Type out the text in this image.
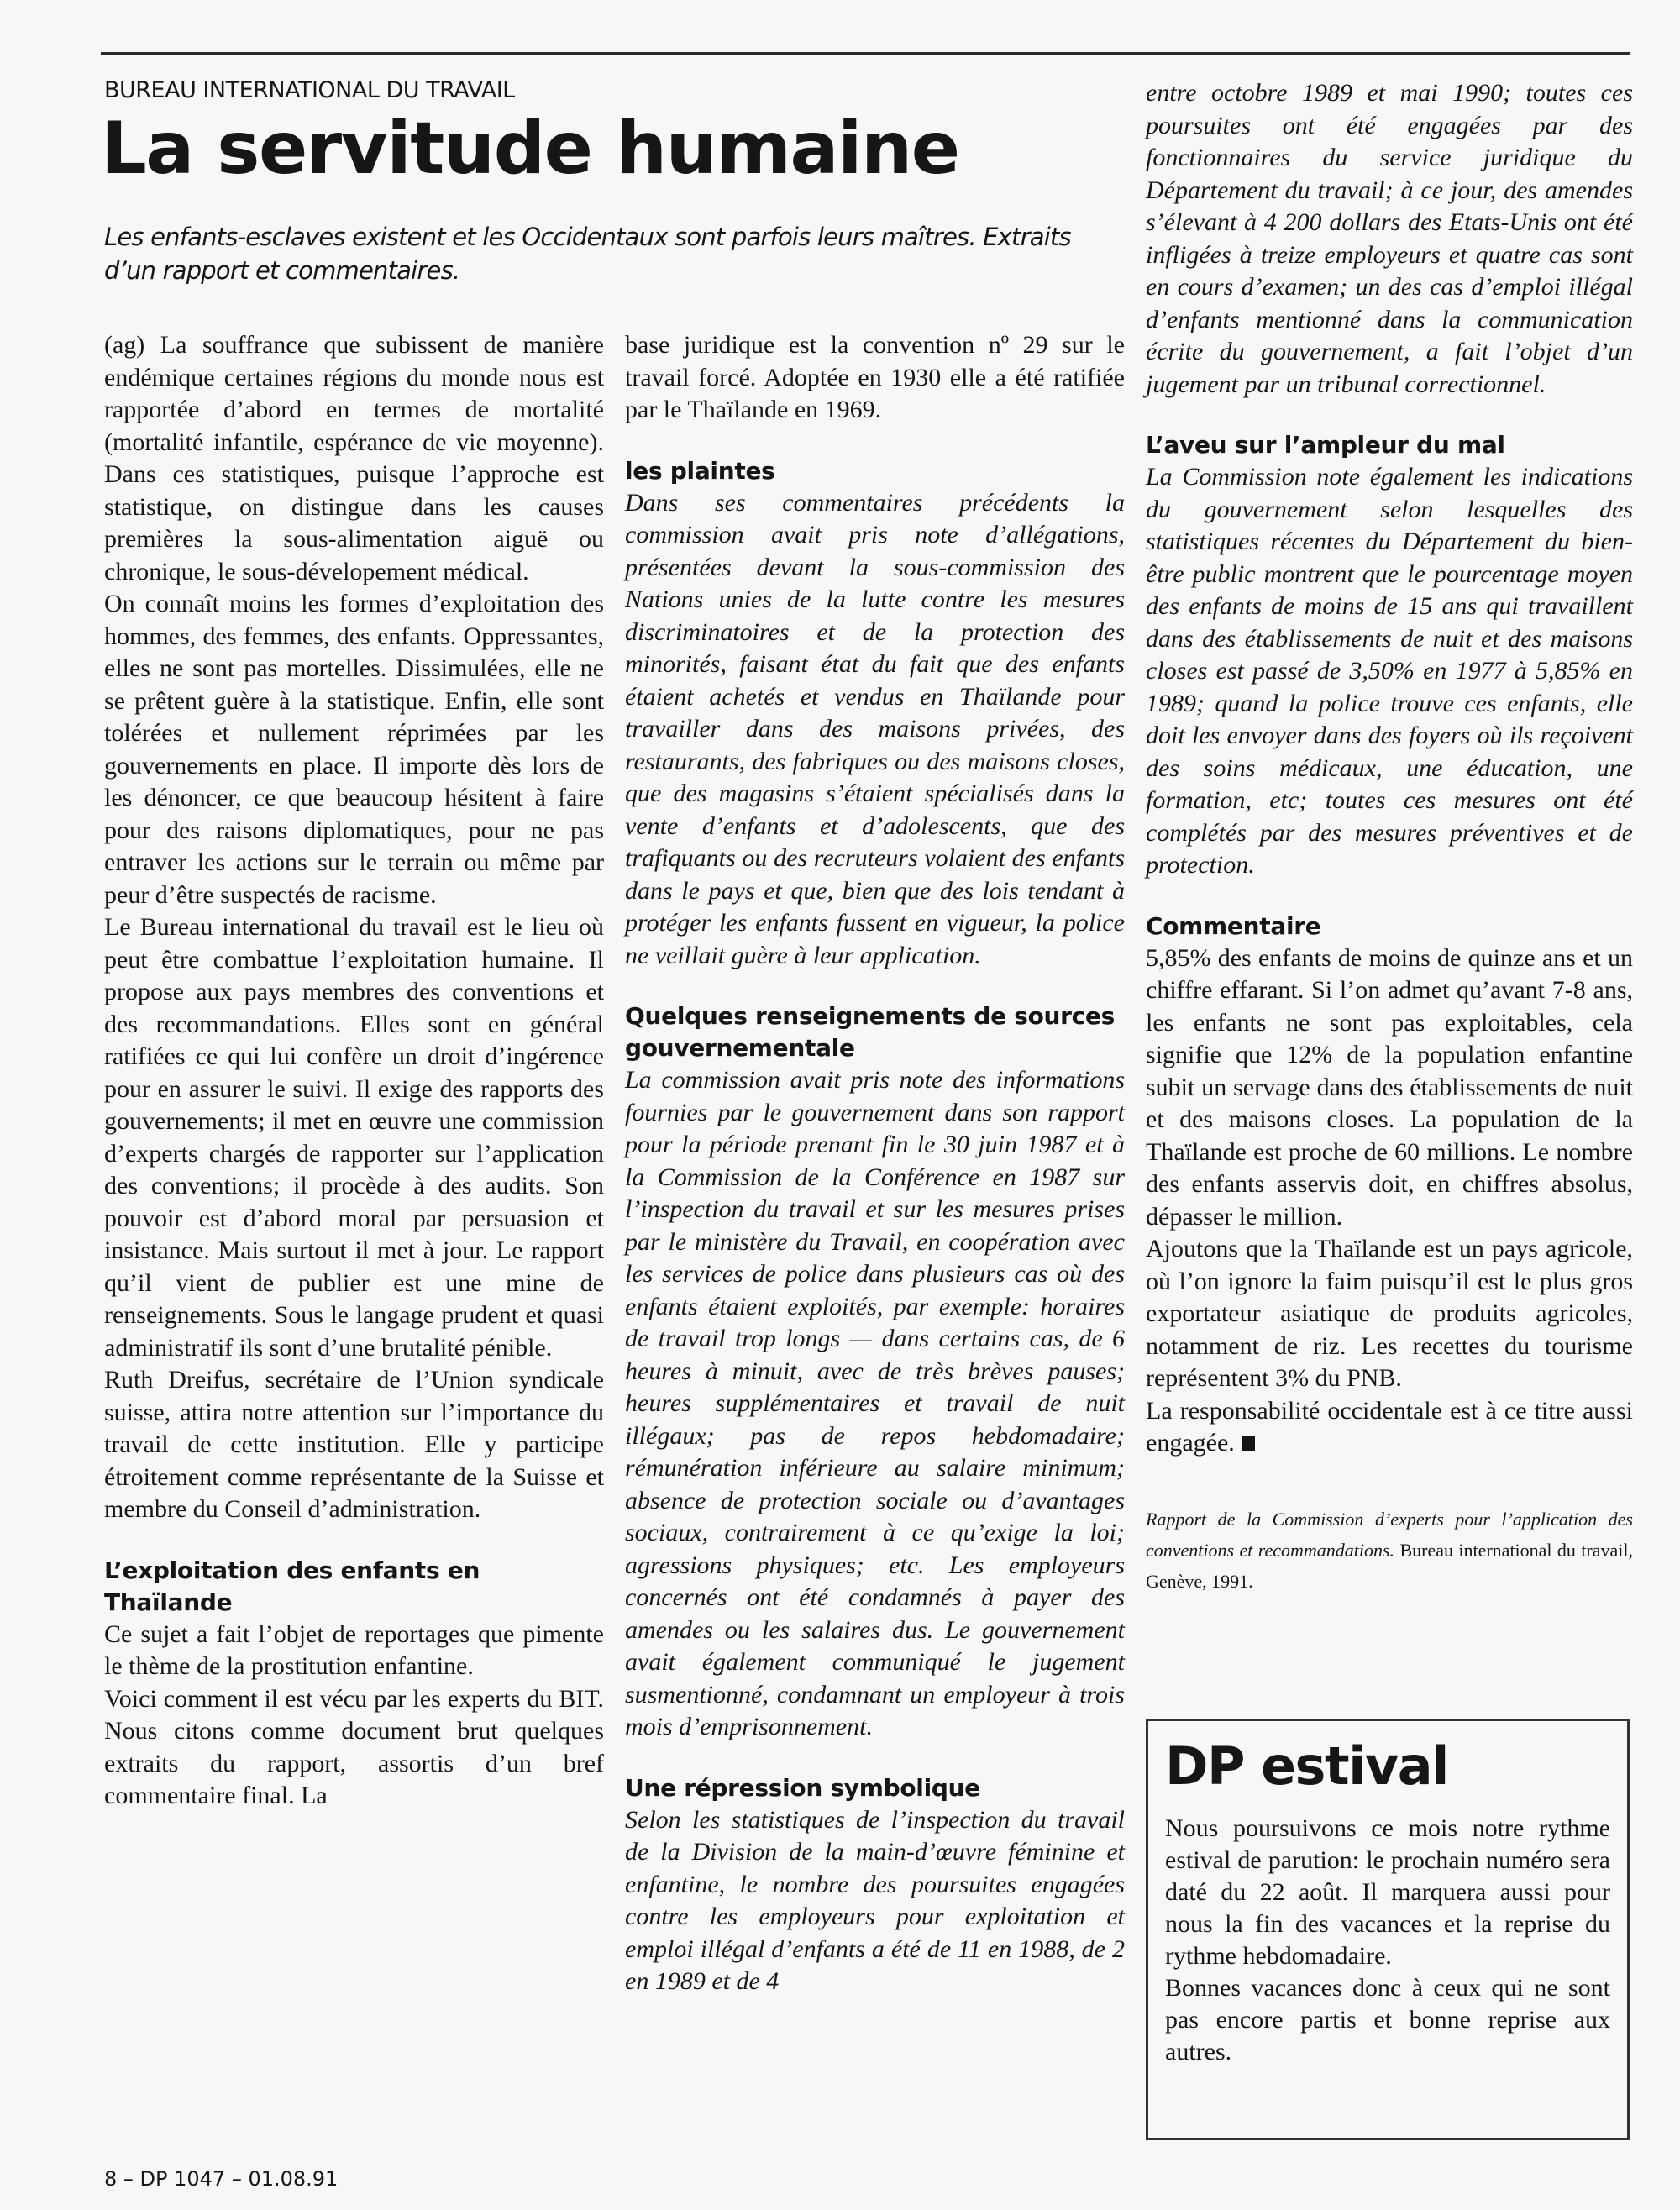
BUREAU INTERNATIONAL DU TRAVAIL
La servitude humaine

Les enfants-esclaves existent et les Occidentaux sont parfois leurs maîtres. Extraits d’un rapport et commentaires.

(ag) La souffrance que subissent de manière endémique certaines régions du monde nous est rapportée d’abord en termes de mortalité (mortalité infantile, espérance de vie moyenne). Dans ces statistiques, puisque l’approche est statistique, on distingue dans les causes premières la sous-alimentation aiguë ou chronique, le sous-dévelopement médical.

On connaît moins les formes d’exploitation des hommes, des femmes, des enfants. Oppressantes, elles ne sont pas mortelles. Dissimulées, elle ne se prêtent guère à la statistique. Enfin, elle sont tolérées et nullement réprimées par les gouvernements en place. Il importe dès lors de les dénoncer, ce que beaucoup hésitent à faire pour des raisons diplomatiques, pour ne pas entraver les actions sur le terrain ou même par peur d’être suspectés de racisme.

Le Bureau international du travail est le lieu où peut être combattue l’exploitation humaine. Il propose aux pays membres des conventions et des recommandations. Elles sont en général ratifiées ce qui lui confère un droit d’ingérence pour en assurer le suivi. Il exige des rapports des gouvernements; il met en œuvre une commission d’experts chargés de rapporter sur l’application des conventions; il procède à des audits. Son pouvoir est d’abord moral par persuasion et insistance. Mais surtout il met à jour. Le rapport qu’il vient de publier est une mine de renseignements. Sous le langage prudent et quasi administratif ils sont d’une brutalité pénible.

Ruth Dreifus, secrétaire de l’Union syndicale suisse, attira notre attention sur l’importance du travail de cette institution. Elle y participe étroitement comme représentante de la Suisse et membre du Conseil d’administration.

L’exploitation des enfants en Thaïlande

Ce sujet a fait l’objet de reportages que pimente le thème de la prostitution enfantine.

Voici comment il est vécu par les experts du BIT. Nous citons comme document brut quelques extraits du rapport, assortis d’un bref commentaire final. La

base juridique est la convention nº 29 sur le travail forcé. Adoptée en 1930 elle a été ratifiée par le Thaïlande en 1969.

les plaintes

Dans ses commentaires précédents la commission avait pris note d’allégations, présentées devant la sous-commission des Nations unies de la lutte contre les mesures discriminatoires et de la protection des minorités, faisant état du fait que des enfants étaient achetés et vendus en Thaïlande pour travailler dans des maisons privées, des restaurants, des fabriques ou des maisons closes, que des magasins s’étaient spécialisés dans la vente d’enfants et d’adolescents, que des trafiquants ou des recruteurs volaient des enfants dans le pays et que, bien que des lois tendant à protéger les enfants fussent en vigueur, la police ne veillait guère à leur application.

Quelques renseignements de sources gouvernementale

La commission avait pris note des informations fournies par le gouvernement dans son rapport pour la période prenant fin le 30 juin 1987 et à la Commission de la Conférence en 1987 sur l’inspection du travail et sur les mesures prises par le ministère du Travail, en coopération avec les services de police dans plusieurs cas où des enfants étaient exploités, par exemple: horaires de travail trop longs — dans certains cas, de 6 heures à minuit, avec de très brèves pauses; heures supplémentaires et travail de nuit illégaux; pas de repos hebdomadaire; rémunération inférieure au salaire minimum; absence de protection sociale ou d’avantages sociaux, contrairement à ce qu’exige la loi; agressions physiques; etc. Les employeurs concernés ont été condamnés à payer des amendes ou les salaires dus. Le gouvernement avait également communiqué le jugement susmentionné, condamnant un employeur à trois mois d’emprisonnement.

Une répression symbolique

Selon les statistiques de l’inspection du travail de la Division de la main-d’œuvre féminine et enfantine, le nombre des poursuites engagées contre les employeurs pour exploitation et emploi illégal d’enfants a été de 11 en 1988, de 2 en 1989 et de 4

entre octobre 1989 et mai 1990; toutes ces poursuites ont été engagées par des fonctionnaires du service juridique du Département du travail; à ce jour, des amendes s’élevant à 4 200 dollars des Etats-Unis ont été infligées à treize employeurs et quatre cas sont en cours d’examen; un des cas d’emploi illégal d’enfants mentionné dans la communication écrite du gouvernement, a fait l’objet d’un jugement par un tribunal correctionnel.

L’aveu sur l’ampleur du mal

La Commission note également les indications du gouvernement selon lesquelles des statistiques récentes du Département du bien-être public montrent que le pourcentage moyen des enfants de moins de 15 ans qui travaillent dans des établissements de nuit et des maisons closes est passé de 3,50% en 1977 à 5,85% en 1989; quand la police trouve ces enfants, elle doit les envoyer dans des foyers où ils reçoivent des soins médicaux, une éducation, une formation, etc; toutes ces mesures ont été complétés par des mesures préventives et de protection.

Commentaire

5,85% des enfants de moins de quinze ans et un chiffre effarant. Si l’on admet qu’avant 7-8 ans, les enfants ne sont pas exploitables, cela signifie que 12% de la population enfantine subit un servage dans des établissements de nuit et des maisons closes. La population de la Thaïlande est proche de 60 millions. Le nombre des enfants asservis doit, en chiffres absolus, dépasser le million.

Ajoutons que la Thaïlande est un pays agricole, où l’on ignore la faim puisqu’il est le plus gros exportateur asiatique de produits agricoles, notamment de riz. Les recettes du tourisme représentent 3% du PNB.

La responsabilité occidentale est à ce titre aussi engagée.

Rapport de la Commission d’experts pour l’application des conventions et recommandations. Bureau international du travail, Genève, 1991.

DP estival

Nous poursuivons ce mois notre rythme estival de parution: le prochain numéro sera daté du 22 août. Il marquera aussi pour nous la fin des vacances et la reprise du rythme hebdomadaire.

Bonnes vacances donc à ceux qui ne sont pas encore partis et bonne reprise aux autres.

8 – DP 1047 – 01.08.91
